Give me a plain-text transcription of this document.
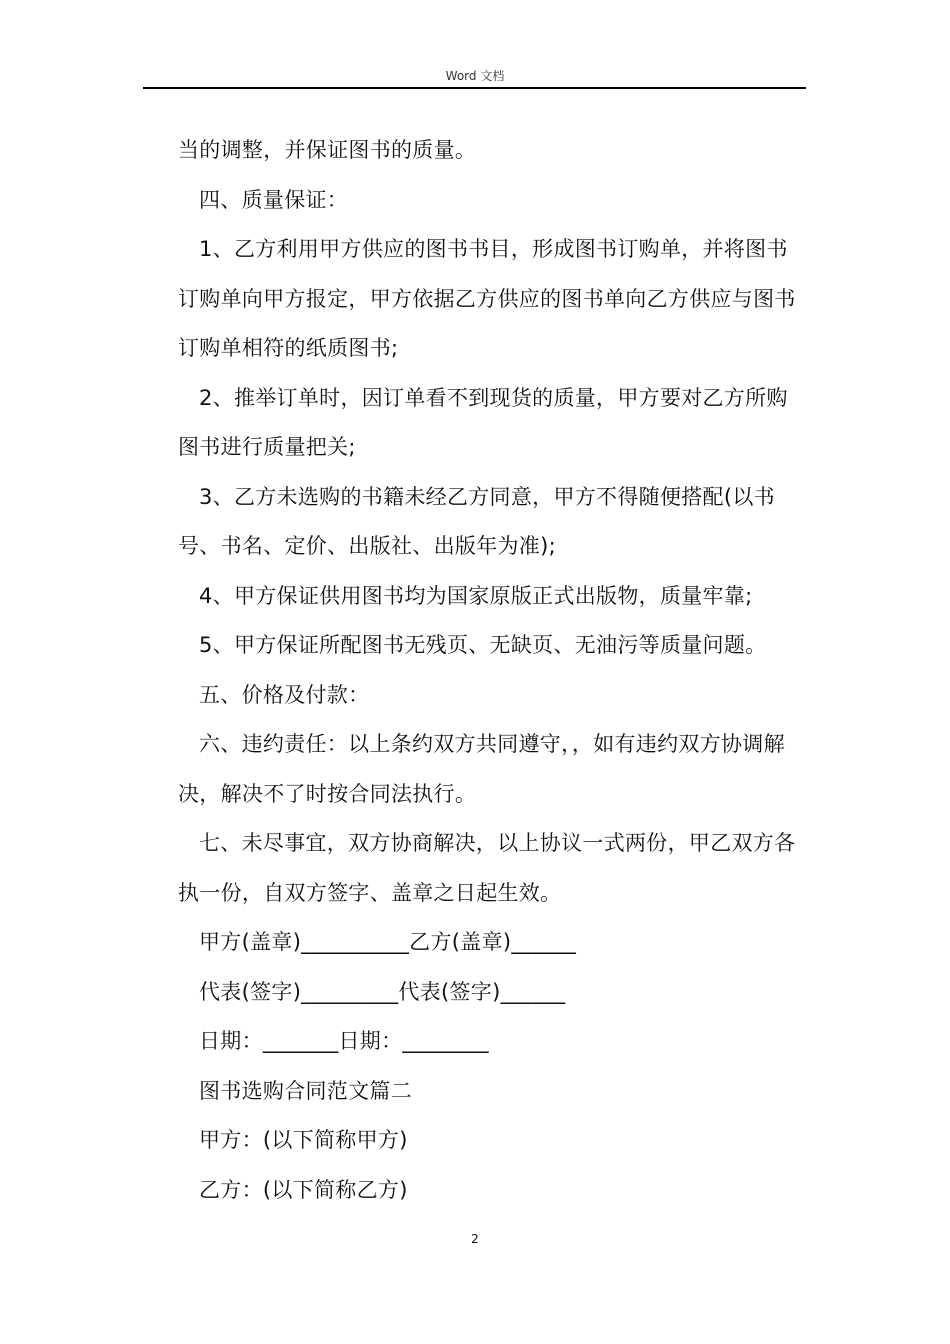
Word 文档

当的调整，并保证图书的质量。

四、质量保证：

1、乙方利用甲方供应的图书书目，形成图书订购单，并将图书订购单向甲方报定，甲方依据乙方供应的图书单向乙方供应与图书订购单相符的纸质图书;

2、推举订单时，因订单看不到现货的质量，甲方要对乙方所购图书进行质量把关;

3、乙方未选购的书籍未经乙方同意，甲方不得随便搭配(以书号、书名、定价、出版社、出版年为准);

4、甲方保证供用图书均为国家原版正式出版物，质量牢靠;

5、甲方保证所配图书无残页、无缺页、无油污等质量问题。

五、价格及付款：

六、违约责任：以上条约双方共同遵守，，如有违约双方协调解决，解决不了时按合同法执行。

七、未尽事宜，双方协商解决，以上协议一式两份，甲乙双方各执一份，自双方签字、盖章之日起生效。

甲方(盖章)__________乙方(盖章)______

代表(签字)_________代表(签字)______

日期：_______日期：________

图书选购合同范文篇二

甲方：(以下简称甲方)

乙方：(以下简称乙方)

2
